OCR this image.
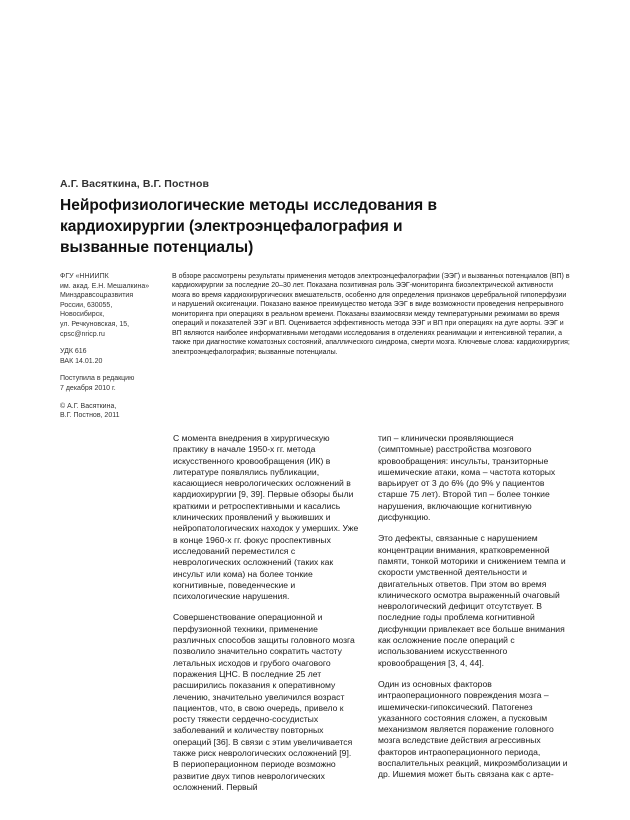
А.Г. Васяткина, В.Г. Постнов
Нейрофизиологические методы исследования в кардиохирургии (электроэнцефалография и вызванные потенциалы)
ФГУ «ННИИПК
им. акад. Е.Н. Мешалкина»
Минздравсоцразвития
России, 630055,
Новосибирск,
ул. Речкуновская, 15,
cpsc@nricp.ru
УДК 616
ВАК 14.01.20
Поступила в редакцию
7 декабря 2010 г.
© А.Г. Васяткина,
В.Г. Постнов, 2011
В обзоре рассмотрены результаты применения методов электроэнцефалографии (ЭЭГ) и вызванных потенциалов (ВП) в кардиохирургии за последние 20–30 лет. Показана позитивная роль ЭЭГ-мониторинга биоэлектрической активности мозга во время кардиохирургических вмешательств, особенно для определения признаков церебральной гипоперфузии и нарушений оксигенации. Показано важное преимущество метода ЭЭГ в виде возможности проведения непрерывного мониторинга при операциях в реальном времени. Показаны взаимосвязи между температурными режимами во время операций и показателей ЭЭГ и ВП. Оценивается эффективность метода ЭЭГ и ВП при операциях на дуге аорты. ЭЭГ и ВП являются наиболее информативными методами исследования в отделениях реанимации и интенсивной терапии, а также при диагностике коматозных состояний, апаллического синдрома, смерти мозга. Ключевые слова: кардиохирургия; электроэнцефалография; вызванные потенциалы.

С момента внедрения в хирургическую практику в начале 1950-х гг. метода искусственного кровообращения (ИК) в литературе появлялись публикации, касающиеся неврологических осложнений в кардиохирургии [9, 39]. Первые обзоры были краткими и ретроспективными и касались клинических проявлений у выживших и нейропатологических находок у умерших. Уже в конце 1960-х гг. фокус проспективных исследований переместился с неврологических осложнений (таких как инсульт или кома) на более тонкие когнитивные, поведенческие и психологические нарушения.

Совершенствование операционной и перфузионной техники, применение различных способов защиты головного мозга позволило значительно сократить частоту летальных исходов и грубого очагового поражения ЦНС. В последние 25 лет расширились показания к оперативному лечению, значительно увеличился возраст пациентов, что, в свою очередь, привело к росту тяжести сердечно-сосудистых заболеваний и количеству повторных операций [36]. В связи с этим увеличивается также риск неврологических осложнений [9]. В периоперационном периоде возможно развитие двух типов неврологических осложнений. Первый

тип – клинически проявляющиеся (симптомные) расстройства мозгового кровообращения: инсульты, транзиторные ишемические атаки, кома – частота которых варьирует от 3 до 6% (до 9% у пациентов старше 75 лет). Второй тип – более тонкие нарушения, включающие когнитивную дисфункцию.

Это дефекты, связанные с нарушением концентрации внимания, кратковременной памяти, тонкой моторики и снижением темпа и скорости умственной деятельности и двигательных ответов. При этом во время клинического осмотра выраженный очаговый неврологический дефицит отсутствует. В последние годы проблема когнитивной дисфункции привлекает все больше внимания как осложнение после операций с использованием искусственного кровообращения [3, 4, 44].

Один из основных факторов интраоперационного повреждения мозга – ишемически-гипоксический. Патогенез указанного состояния сложен, а пусковым механизмом является поражение головного мозга вследствие действия агрессивных факторов интраоперационного периода, воспалительных реакций, микроэмболизации и др. Ишемия может быть связана как с арте-
